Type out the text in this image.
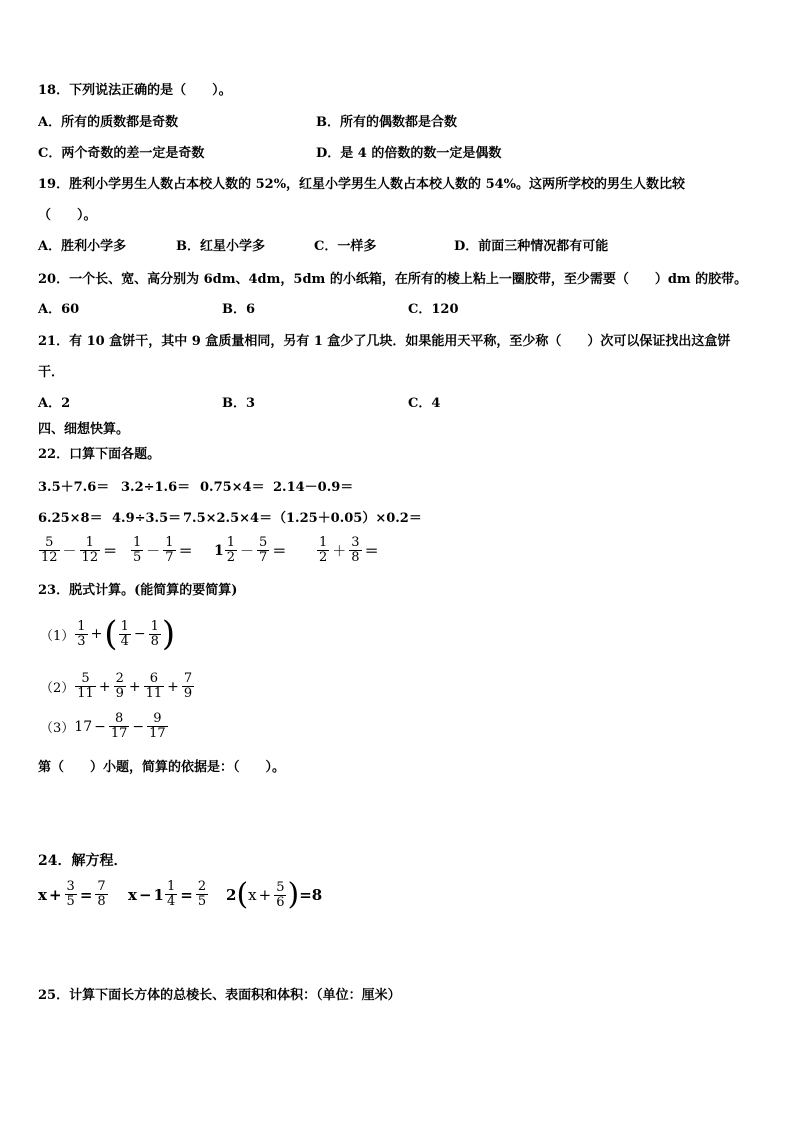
18．下列说法正确的是（　　）。
A．所有的质数都是奇数	B．所有的偶数都是合数
C．两个奇数的差一定是奇数	D．是 4 的倍数的数一定是偶数
19．胜利小学男生人数占本校人数的 52%，红星小学男生人数占本校人数的 54%。这两所学校的男生人数比较
（　　）。
A．胜利小学多	B．红星小学多	C．一样多	D．前面三种情况都有可能
20．一个长、宽、高分别为 6dm、4dm，5dm 的小纸箱，在所有的棱上粘上一圈胶带，至少需要（　　）dm 的胶带。
A．60	B．6	C．120
21．有 10 盒饼干，其中 9 盒质量相同，另有 1 盒少了几块．如果能用天平称，至少称（　　）次可以保证找出这盒饼
干．
A．2	B．3	C．4
四、细想快算。
22．口算下面各题。
3.5＋7.6＝ 3.2÷1.6＝ 0.75×4＝ 2.14－0.9＝
6.25×8＝ 4.9÷3.5＝ 7.5×2.5×4＝ （1.25＋0.05）×0.2＝
$\frac{5}{12} - \frac{1}{12} = \frac{1}{5} - \frac{1}{7} = 1 \frac{1}{2} - \frac{5}{7} = \frac{1}{2} + \frac{3}{8}$ ＝
23．脱式计算。(能简算的要简算)
$(1) \frac{1}{3}$ + ( $\frac{1}{4} - \frac{1}{8}$ )
$(2) \frac{5}{11} + \frac{2}{9} + \frac{6}{11} + \frac{7}{9}$
（3） $17 - \frac{8}{17} - \frac{9}{17}$
第（　　）小题，简算的依据是：（　　）。
24．解方程．
$x + \frac{3}{5} = \frac{7}{8}$ $x - 1 \frac{1}{4} = \frac{2}{5} 2$ ( $x + \frac{5}{6}$ ) =8
25．计算下面长方体的总棱长、表面积和体积：（单位：厘米）
